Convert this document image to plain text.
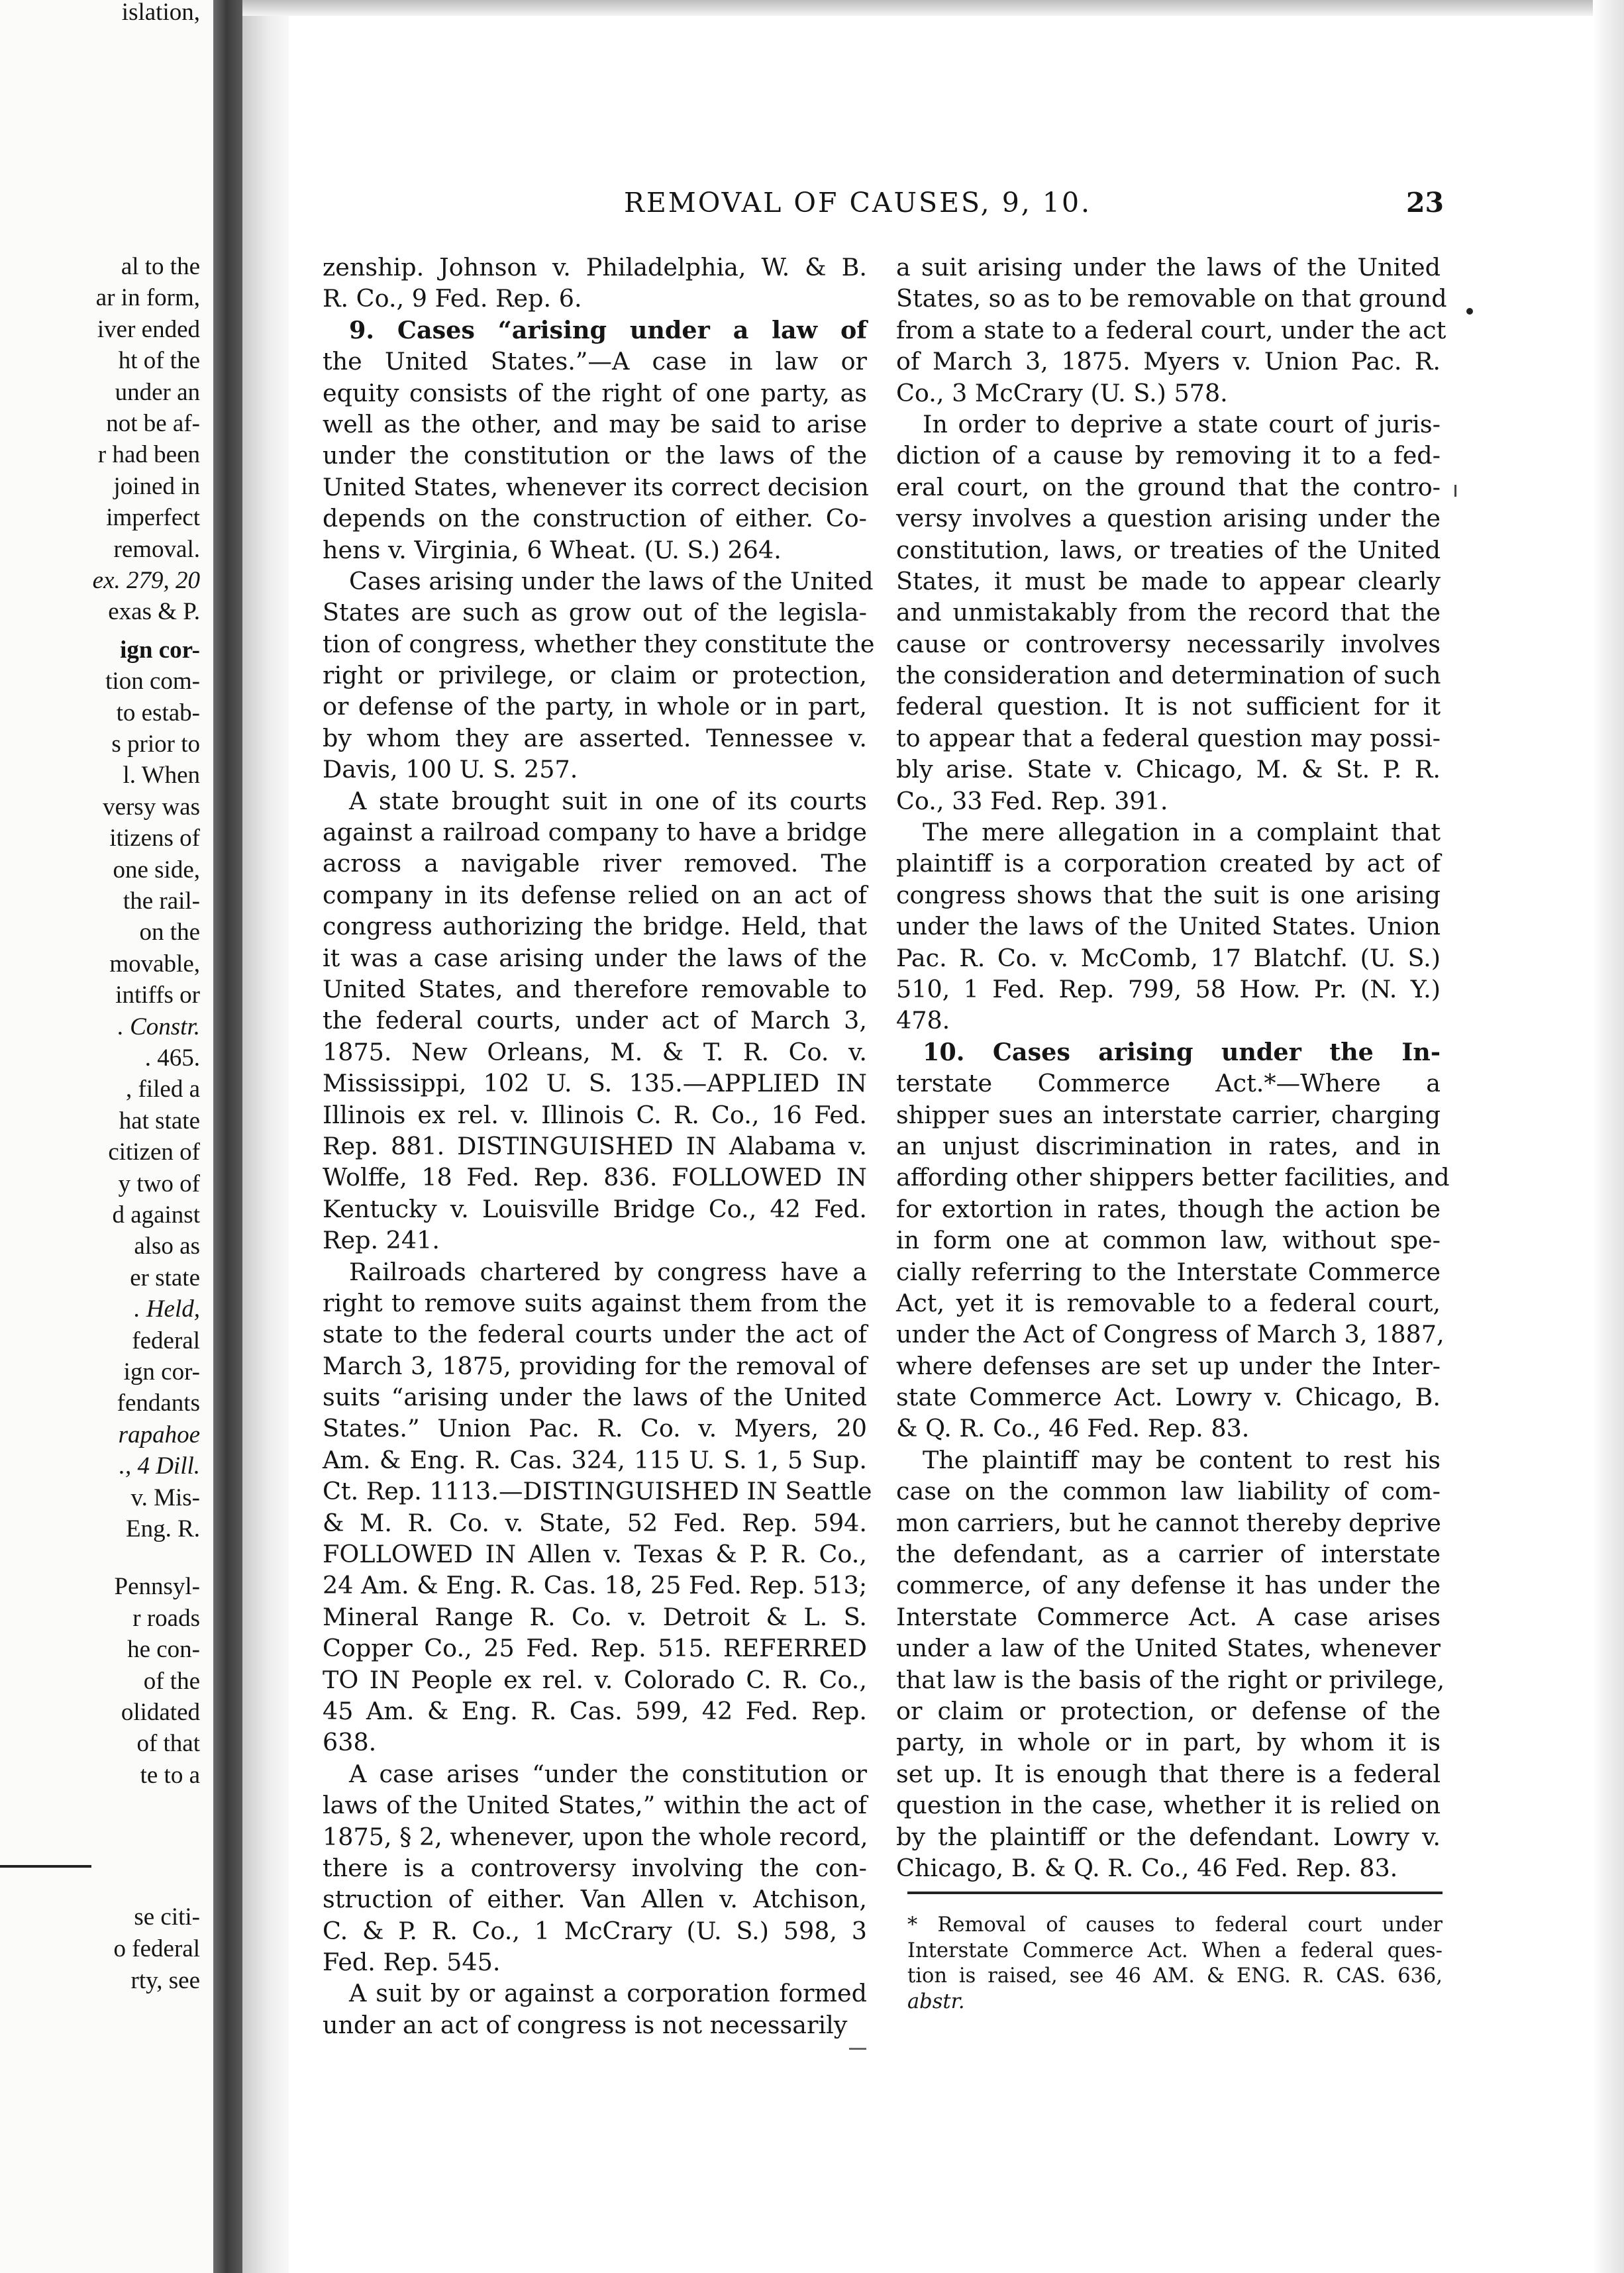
al to the
ar in form,
iver ended
ht of the
under an
not be af-
r had been
joined in
imperfect
removal.
ex. 279, 20
exas & P.
ign cor-
tion com-
to estab-
s prior to
l. When
versy was
itizens of
one side,
the rail-
on the
movable,
intiffs or
. Constr.
. 465.
, filed a
hat state
citizen of
y two of
d against
also as
er state
. Held,
federal
ign cor-
fendants
rapahoe
., 4 Dill.
v. Mis-
Eng. R.
Pennsyl-
r roads
he con-
of the
olidated
of that
te to a
se citi-
o federal
rty, see
islation,
REMOVAL OF CAUSES, 9, 10.	23
zenship. Johnson v. Philadelphia, W. & B.
R. Co., 9 Fed. Rep. 6.
9. Cases “arising under a law of
the United States.”—A case in law or
equity consists of the right of one party, as
well as the other, and may be said to arise
under the constitution or the laws of the
United States, whenever its correct decision
depends on the construction of either. Co-
hens v. Virginia, 6 Wheat. (U. S.) 264.
Cases arising under the laws of the United
States are such as grow out of the legisla-
tion of congress, whether they constitute the
right or privilege, or claim or protection,
or defense of the party, in whole or in part,
by whom they are asserted. Tennessee v.
Davis, 100 U. S. 257.
A state brought suit in one of its courts
against a railroad company to have a bridge
across a navigable river removed. The
company in its defense relied on an act of
congress authorizing the bridge. Held, that
it was a case arising under the laws of the
United States, and therefore removable to
the federal courts, under act of March 3,
1875. New Orleans, M. & T. R. Co. v.
Mississippi, 102 U. S. 135.—APPLIED IN
Illinois ex rel. v. Illinois C. R. Co., 16 Fed.
Rep. 881. DISTINGUISHED IN Alabama v.
Wolffe, 18 Fed. Rep. 836. FOLLOWED IN
Kentucky v. Louisville Bridge Co., 42 Fed.
Rep. 241.
Railroads chartered by congress have a
right to remove suits against them from the
state to the federal courts under the act of
March 3, 1875, providing for the removal of
suits “arising under the laws of the United
States.” Union Pac. R. Co. v. Myers, 20
Am. & Eng. R. Cas. 324, 115 U. S. 1, 5 Sup.
Ct. Rep. 1113.—DISTINGUISHED IN Seattle
& M. R. Co. v. State, 52 Fed. Rep. 594.
FOLLOWED IN Allen v. Texas & P. R. Co.,
24 Am. & Eng. R. Cas. 18, 25 Fed. Rep. 513;
Mineral Range R. Co. v. Detroit & L. S.
Copper Co., 25 Fed. Rep. 515. REFERRED
TO IN People ex rel. v. Colorado C. R. Co.,
45 Am. & Eng. R. Cas. 599, 42 Fed. Rep.
638.
A case arises “under the constitution or
laws of the United States,” within the act of
1875, § 2, whenever, upon the whole record,
there is a controversy involving the con-
struction of either. Van Allen v. Atchison,
C. & P. R. Co., 1 McCrary (U. S.) 598, 3
Fed. Rep. 545.
A suit by or against a corporation formed
under an act of congress is not necessarily
a suit arising under the laws of the United
States, so as to be removable on that ground
from a state to a federal court, under the act
of March 3, 1875. Myers v. Union Pac. R.
Co., 3 McCrary (U. S.) 578.
In order to deprive a state court of juris-
diction of a cause by removing it to a fed-
eral court, on the ground that the contro-
versy involves a question arising under the
constitution, laws, or treaties of the United
States, it must be made to appear clearly
and unmistakably from the record that the
cause or controversy necessarily involves
the consideration and determination of such
federal question. It is not sufficient for it
to appear that a federal question may possi-
bly arise. State v. Chicago, M. & St. P. R.
Co., 33 Fed. Rep. 391.
The mere allegation in a complaint that
plaintiff is a corporation created by act of
congress shows that the suit is one arising
under the laws of the United States. Union
Pac. R. Co. v. McComb, 17 Blatchf. (U. S.)
510, 1 Fed. Rep. 799, 58 How. Pr. (N. Y.)
478.
10. Cases arising under the In-
terstate Commerce Act.*—Where a
shipper sues an interstate carrier, charging
an unjust discrimination in rates, and in
affording other shippers better facilities, and
for extortion in rates, though the action be
in form one at common law, without spe-
cially referring to the Interstate Commerce
Act, yet it is removable to a federal court,
under the Act of Congress of March 3, 1887,
where defenses are set up under the Inter-
state Commerce Act. Lowry v. Chicago, B.
& Q. R. Co., 46 Fed. Rep. 83.
The plaintiff may be content to rest his
case on the common law liability of com-
mon carriers, but he cannot thereby deprive
the defendant, as a carrier of interstate
commerce, of any defense it has under the
Interstate Commerce Act. A case arises
under a law of the United States, whenever
that law is the basis of the right or privilege,
or claim or protection, or defense of the
party, in whole or in part, by whom it is
set up. It is enough that there is a federal
question in the case, whether it is relied on
by the plaintiff or the defendant. Lowry v.
Chicago, B. & Q. R. Co., 46 Fed. Rep. 83.
* Removal of causes to federal court under
Interstate Commerce Act. When a federal ques-
tion is raised, see 46 AM. & ENG. R. CAS. 636,
abstr.
